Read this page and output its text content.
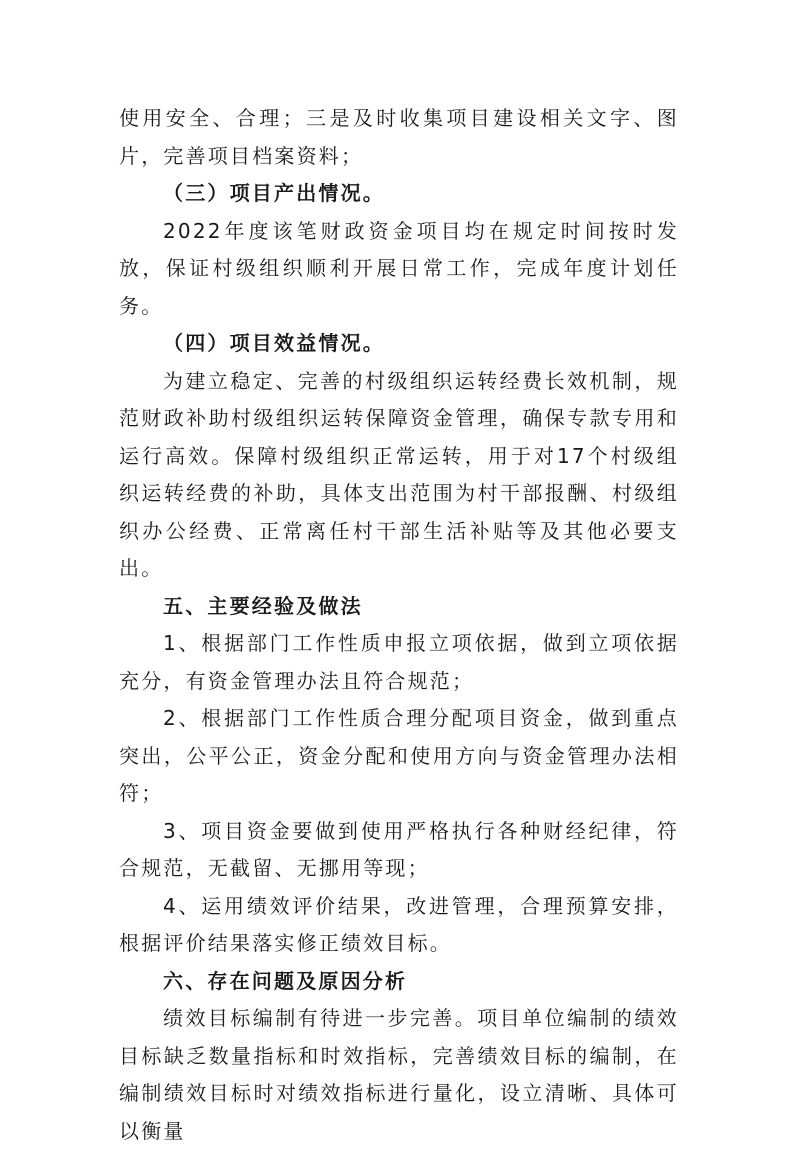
使用安全、合理；三是及时收集项目建设相关文字、图片，完善项目档案资料；

（三）项目产出情况。

2022年度该笔财政资金项目均在规定时间按时发放，保证村级组织顺利开展日常工作，完成年度计划任务。

（四）项目效益情况。

为建立稳定、完善的村级组织运转经费长效机制，规范财政补助村级组织运转保障资金管理，确保专款专用和运行高效。保障村级组织正常运转，用于对17个村级组织运转经费的补助，具体支出范围为村干部报酬、村级组织办公经费、正常离任村干部生活补贴等及其他必要支出。

五、主要经验及做法

1、根据部门工作性质申报立项依据，做到立项依据充分，有资金管理办法且符合规范；

2、根据部门工作性质合理分配项目资金，做到重点突出，公平公正，资金分配和使用方向与资金管理办法相符；

3、项目资金要做到使用严格执行各种财经纪律，符合规范，无截留、无挪用等现；

4、运用绩效评价结果，改进管理，合理预算安排，根据评价结果落实修正绩效目标。

六、存在问题及原因分析

绩效目标编制有待进一步完善。项目单位编制的绩效目标缺乏数量指标和时效指标，完善绩效目标的编制，在编制绩效目标时对绩效指标进行量化，设立清晰、具体可以衡量
